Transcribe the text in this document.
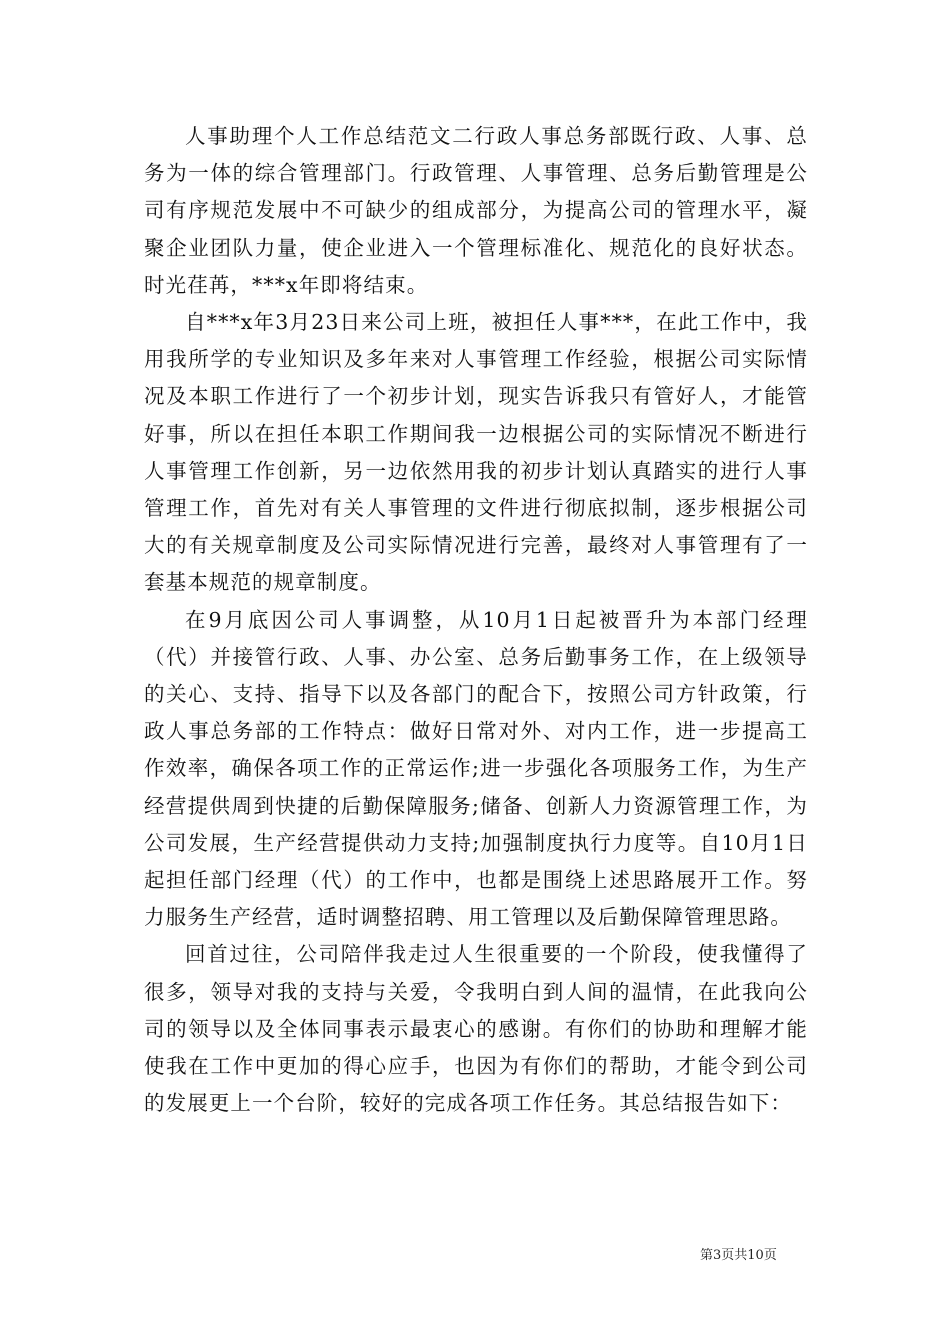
人事助理个人工作总结范文二行政人事总务部既行政、人事、总务为一体的综合管理部门。行政管理、人事管理、总务后勤管理是公司有序规范发展中不可缺少的组成部分，为提高公司的管理水平，凝聚企业团队力量，使企业进入一个管理标准化、规范化的良好状态。时光荏苒，***x年即将结束。

自***x年3月23日来公司上班，被担任人事***，在此工作中，我用我所学的专业知识及多年来对人事管理工作经验，根据公司实际情况及本职工作进行了一个初步计划，现实告诉我只有管好人，才能管好事，所以在担任本职工作期间我一边根据公司的实际情况不断进行人事管理工作创新，另一边依然用我的初步计划认真踏实的进行人事管理工作，首先对有关人事管理的文件进行彻底拟制，逐步根据公司大的有关规章制度及公司实际情况进行完善，最终对人事管理有了一套基本规范的规章制度。

在9月底因公司人事调整，从10月1日起被晋升为本部门经理（代）并接管行政、人事、办公室、总务后勤事务工作，在上级领导的关心、支持、指导下以及各部门的配合下，按照公司方针政策，行政人事总务部的工作特点：做好日常对外、对内工作，进一步提高工作效率，确保各项工作的正常运作;进一步强化各项服务工作，为生产经营提供周到快捷的后勤保障服务;储备、创新人力资源管理工作，为公司发展，生产经营提供动力支持;加强制度执行力度等。自10月1日起担任部门经理（代）的工作中，也都是围绕上述思路展开工作。努力服务生产经营，适时调整招聘、用工管理以及后勤保障管理思路。

回首过往，公司陪伴我走过人生很重要的一个阶段，使我懂得了很多，领导对我的支持与关爱，令我明白到人间的温情，在此我向公司的领导以及全体同事表示最衷心的感谢。有你们的协助和理解才能使我在工作中更加的得心应手，也因为有你们的帮助，才能令到公司的发展更上一个台阶，较好的完成各项工作任务。其总结报告如下：

第3页共10页
